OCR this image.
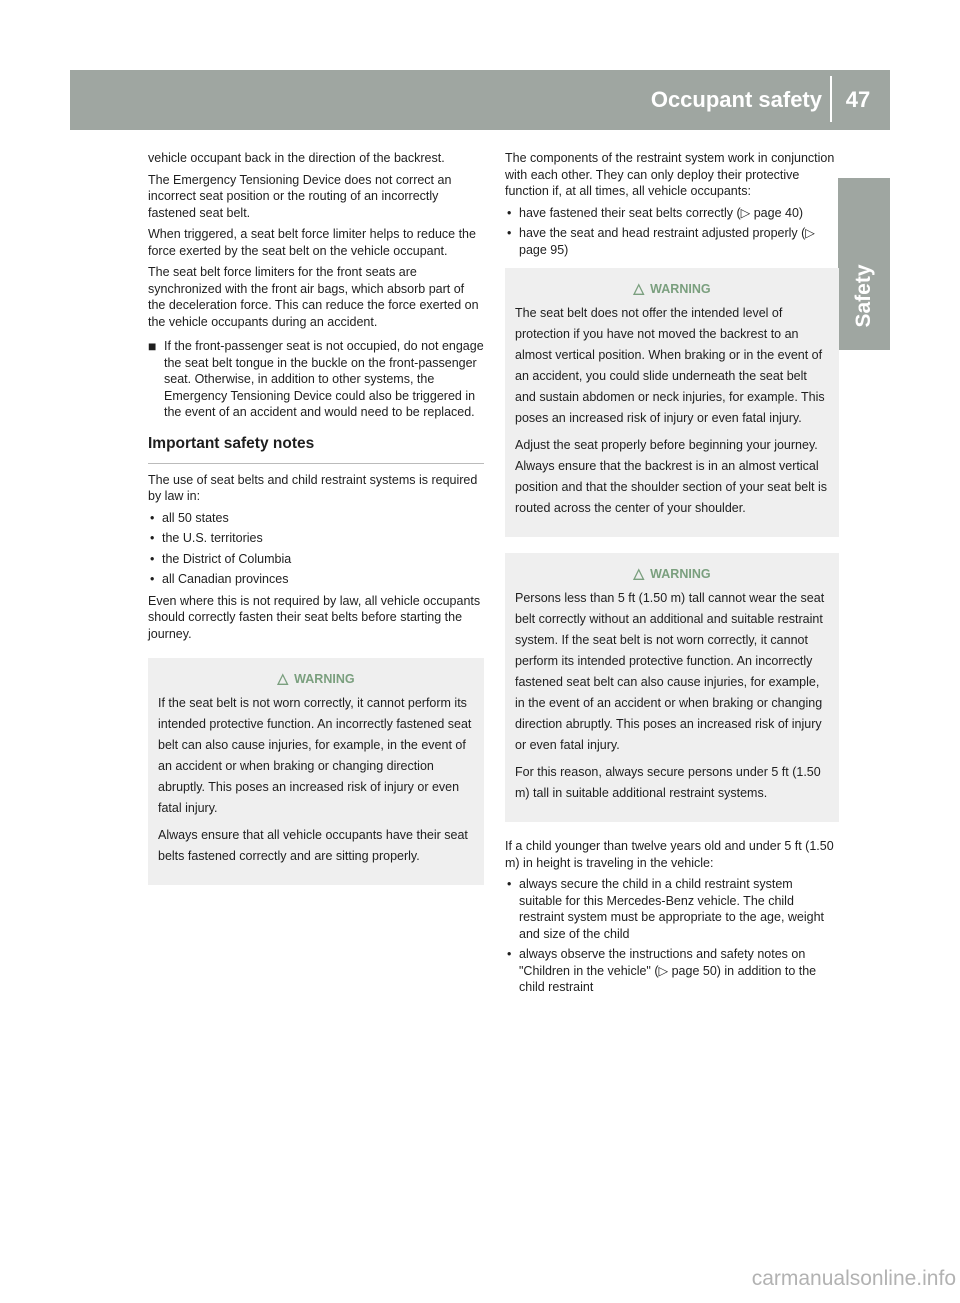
Occupant safety	47
Safety

vehicle occupant back in the direction of the backrest.

The Emergency Tensioning Device does not correct an incorrect seat position or the routing of an incorrectly fastened seat belt.

When triggered, a seat belt force limiter helps to reduce the force exerted by the seat belt on the vehicle occupant.

The seat belt force limiters for the front seats are synchronized with the front air bags, which absorb part of the deceleration force. This can reduce the force exerted on the vehicle occupants during an accident.

■ If the front-passenger seat is not occupied, do not engage the seat belt tongue in the buckle on the front-passenger seat. Otherwise, in addition to other systems, the Emergency Tensioning Device could also be triggered in the event of an accident and would need to be replaced.
Important safety notes

The use of seat belts and child restraint systems is required by law in:

• all 50 states
• the U.S. territories
• the District of Columbia
• all Canadian provinces

Even where this is not required by law, all vehicle occupants should correctly fasten their seat belts before starting the journey.

△ WARNING

If the seat belt is not worn correctly, it cannot perform its intended protective function. An incorrectly fastened seat belt can also cause injuries, for example, in the event of an accident or when braking or changing direction abruptly. This poses an increased risk of injury or even fatal injury.

Always ensure that all vehicle occupants have their seat belts fastened correctly and are sitting properly.

The components of the restraint system work in conjunction with each other. They can only deploy their protective function if, at all times, all vehicle occupants:

• have fastened their seat belts correctly (▷ page 40)
• have the seat and head restraint adjusted properly (▷ page 95)
△ WARNING

The seat belt does not offer the intended level of protection if you have not moved the backrest to an almost vertical position. When braking or in the event of an accident, you could slide underneath the seat belt and sustain abdomen or neck injuries, for example. This poses an increased risk of injury or even fatal injury.

Adjust the seat properly before beginning your journey. Always ensure that the backrest is in an almost vertical position and that the shoulder section of your seat belt is routed across the center of your shoulder.

△ WARNING

Persons less than 5 ft (1.50 m) tall cannot wear the seat belt correctly without an additional and suitable restraint system. If the seat belt is not worn correctly, it cannot perform its intended protective function. An incorrectly fastened seat belt can also cause injuries, for example, in the event of an accident or when braking or changing direction abruptly. This poses an increased risk of injury or even fatal injury.

For this reason, always secure persons under 5 ft (1.50 m) tall in suitable additional restraint systems.

If a child younger than twelve years old and under 5 ft (1.50 m) in height is traveling in the vehicle:

• always secure the child in a child restraint system suitable for this Mercedes-Benz vehicle. The child restraint system must be appropriate to the age, weight and size of the child
• always observe the instructions and safety notes on "Children in the vehicle" (▷ page 50) in addition to the child restraint
carmanualsonline.info
